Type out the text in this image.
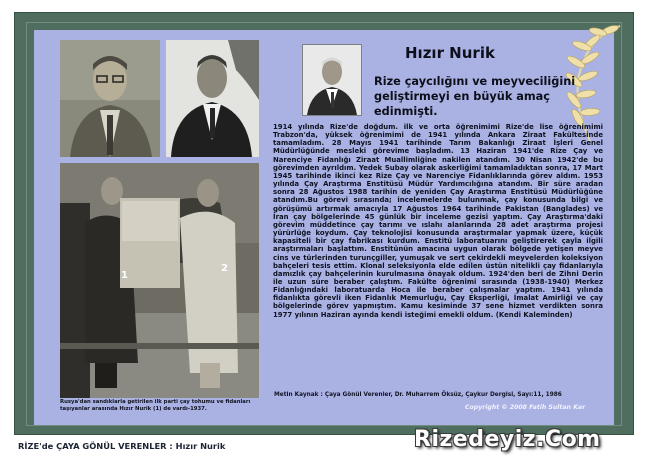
1
2
Rusya'dan sandıklarla getirilen ilk parti çay tohumu ve fidanları taşıyanlar arasında Hızır Nurik (1) de vardı-1937.
Hızır Nurik
Rize çaycılığını ve meyveciliğini geliştirmeyi en büyük amaç edinmişti.
1914 yılında Rize'de doğdum. ilk ve orta öğrenimimi Rize'de lise öğrenimimi Trabzon'da, yüksek öğrenimimi de 1941 yılında Ankara Ziraat Fakültesinde tamamladım. 28 Mayıs 1941 tarihinde Tarım Bakanlığı Ziraat İşleri Genel Müdürlüğünde mesleki görevime başladım. 13 Haziran 1941'de Rize Çay ve Narenciye Fidanlığı Ziraat Muallimliğine nakilen atandım. 30 Nisan 1942'de bu görevimden ayrıldım. Yedek Subay olarak askerliğimi tamamladıktan sonra, 17 Mart 1945 tarihinde ikinci kez Rize Çay ve Narenciye Fidanlıklarında görev aldım. 1953 yılında Çay Araştırma Enstitüsü Müdür Yardımcılığına atandım. Bir süre aradan sonra 28 Ağustos 1988 tarihin de yeniden Çay Araştırma Enstitüsü Müdürlüğüne atandım.Bu görevi sırasında; incelemelerde bulunmak, çay konusunda bilgi ve görüşümü artırmak amacıyla 17 Ağustos 1964 tarihinde Pakistan (Banglades) ve İran çay bölgelerinde 45 günlük bir inceleme gezisi yaptım. Çay Araştırma'daki görevim müddetince çay tarımı ve ıslahı alanlarında 28 adet araştırma projesi yürürlüğe koydum. Çay teknolojisi konusunda araştırmalar yapmak üzere, küçük kapasiteli bir çay fabrikası kurdum. Enstitü laboratuarını geliştirerek çayla ilgili araştırmaları başlattım. Enstitünün amacına uygun olarak bölgede yetişen meyve cins ve türlerinden turunçgiller, yumuşak ve sert çekirdekli meyvelerden koleksiyon bahçeleri tesis ettim. Klonal seleksiyonla elde edilen üstün nitelikli çay fidanlarıyla damızlık çay bahçelerinin kurulmasına önayak oldum. 1924'den beri de Zihni Derin ile uzun süre beraber çalıştım. Fakülte öğrenimi sırasında (1938-1940) Merkez Fidanlığındaki laboratuarda Hoca ile beraber çalışmalar yaptım. 1941 yılında fidanlıkta görevli iken Fidanlık Memurluğu, Çay Eksperliği, İmalat Amirliği ve çay bölgelerinde görev yapmıştım. Kamu kesiminde 37 sene hizmet verdikten sonra 1977 yılının Haziran ayında kendi isteğimi emekli oldum. (Kendi Kaleminden)
Metin Kaynak : Çaya Gönül Verenler, Dr. Muharrem Öksüz, Çaykur Dergisi, Sayı:11, 1986
Copyright © 2008 Fatih Sultan Kar
RİZE'de ÇAYA GÖNÜL VERENLER : Hızır Nurik	Rizedeyiz.Com
